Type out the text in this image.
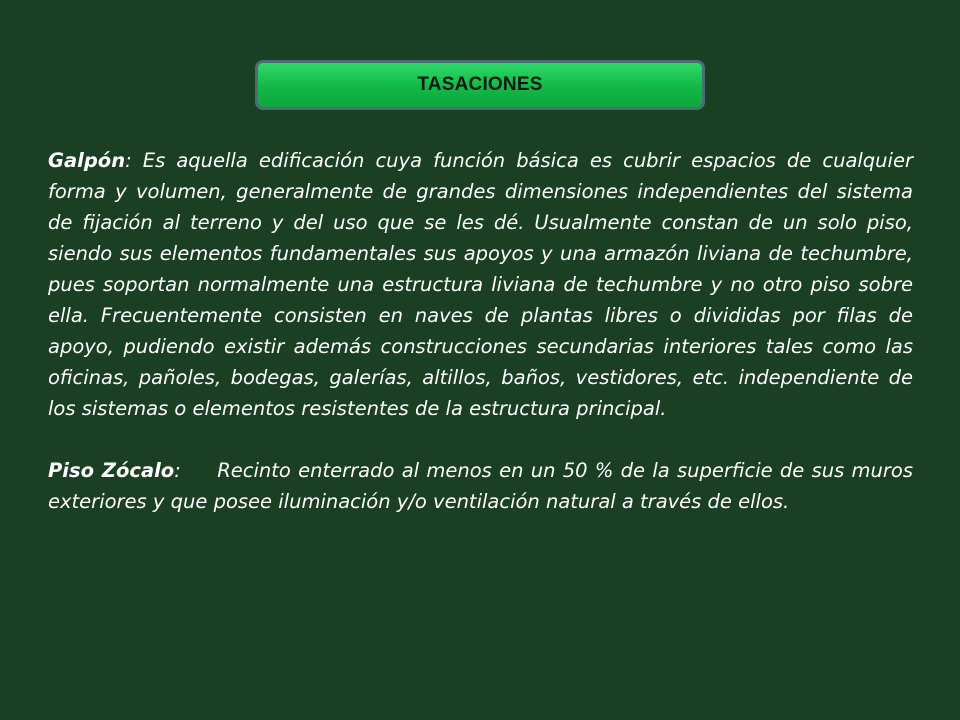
TASACIONES

Galpón: Es aquella edificación cuya función básica es cubrir espacios de cualquier forma y volumen, generalmente de grandes dimensiones independientes del sistema de fijación al terreno y del uso que se les dé. Usualmente constan de un solo piso, siendo sus elementos fundamentales sus apoyos y una armazón liviana de techumbre, pues soportan normalmente una estructura liviana de techumbre y no otro piso sobre ella. Frecuentemente consisten en naves de plantas libres o divididas por filas de apoyo, pudiendo existir además construcciones secundarias interiores tales como las oficinas, pañoles, bodegas, galerías, altillos, baños, vestidores, etc. independiente de los sistemas o elementos resistentes de la estructura principal.

Piso Zócalo:     Recinto enterrado al menos en un 50 % de la superficie de sus muros exteriores y que posee iluminación y/o ventilación natural a través de ellos.
